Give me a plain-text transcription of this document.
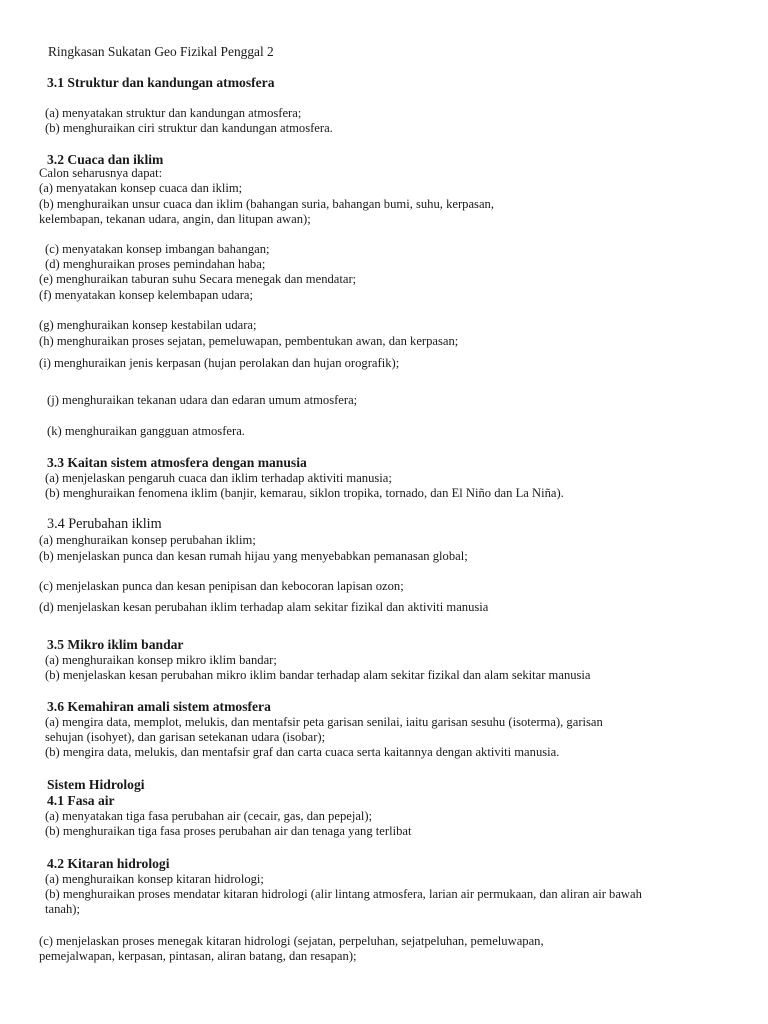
Ringkasan Sukatan Geo Fizikal Penggal 2
3.1 Struktur dan kandungan atmosfera
(a) menyatakan struktur dan kandungan atmosfera;
(b) menghuraikan ciri struktur dan kandungan atmosfera.
3.2 Cuaca dan iklim
Calon seharusnya dapat:
(a) menyatakan konsep cuaca dan iklim;
(b) menghuraikan unsur cuaca dan iklim (bahangan suria, bahangan bumi, suhu, kerpasan,
kelembapan, tekanan udara, angin, dan litupan awan);
(c) menyatakan konsep imbangan bahangan;
(d) menghuraikan proses pemindahan haba;
(e) menghuraikan taburan suhu Secara menegak dan mendatar;
(f) menyatakan konsep kelembapan udara;
(g) menghuraikan konsep kestabilan udara;
(h) menghuraikan proses sejatan, pemeluwapan, pembentukan awan, dan kerpasan;
(i) menghuraikan jenis kerpasan (hujan perolakan dan hujan orografik);
(j) menghuraikan tekanan udara dan edaran umum atmosfera;
(k) menghuraikan gangguan atmosfera.
3.3 Kaitan sistem atmosfera dengan manusia
(a) menjelaskan pengaruh cuaca dan iklim terhadap aktiviti manusia;
(b) menghuraikan fenomena iklim (banjir, kemarau, siklon tropika, tornado, dan El Niño dan La Niña).
3.4 Perubahan iklim
(a) menghuraikan konsep perubahan iklim;
(b) menjelaskan punca dan kesan rumah hijau yang menyebabkan pemanasan global;
(c) menjelaskan punca dan kesan penipisan dan kebocoran lapisan ozon;
(d) menjelaskan kesan perubahan iklim terhadap alam sekitar fizikal dan aktiviti manusia
3.5 Mikro iklim bandar
(a) menghuraikan konsep mikro iklim bandar;
(b) menjelaskan kesan perubahan mikro iklim bandar terhadap alam sekitar fizikal dan alam sekitar manusia
3.6 Kemahiran amali sistem atmosfera
(a) mengira data, memplot, melukis, dan mentafsir peta garisan senilai, iaitu garisan sesuhu (isoterma), garisan
sehujan (isohyet), dan garisan setekanan udara (isobar);
(b) mengira data, melukis, dan mentafsir graf dan carta cuaca serta kaitannya dengan aktiviti manusia.
Sistem Hidrologi
4.1 Fasa air
(a) menyatakan tiga fasa perubahan air (cecair, gas, dan pepejal);
(b) menghuraikan tiga fasa proses perubahan air dan tenaga yang terlibat
4.2 Kitaran hidrologi
(a) menghuraikan konsep kitaran hidrologi;
(b) menghuraikan proses mendatar kitaran hidrologi (alir lintang atmosfera, larian air permukaan, dan aliran air bawah
tanah);
(c) menjelaskan proses menegak kitaran hidrologi (sejatan, perpeluhan, sejatpeluhan, pemeluwapan,
pemejalwapan, kerpasan, pintasan, aliran batang, dan resapan);
